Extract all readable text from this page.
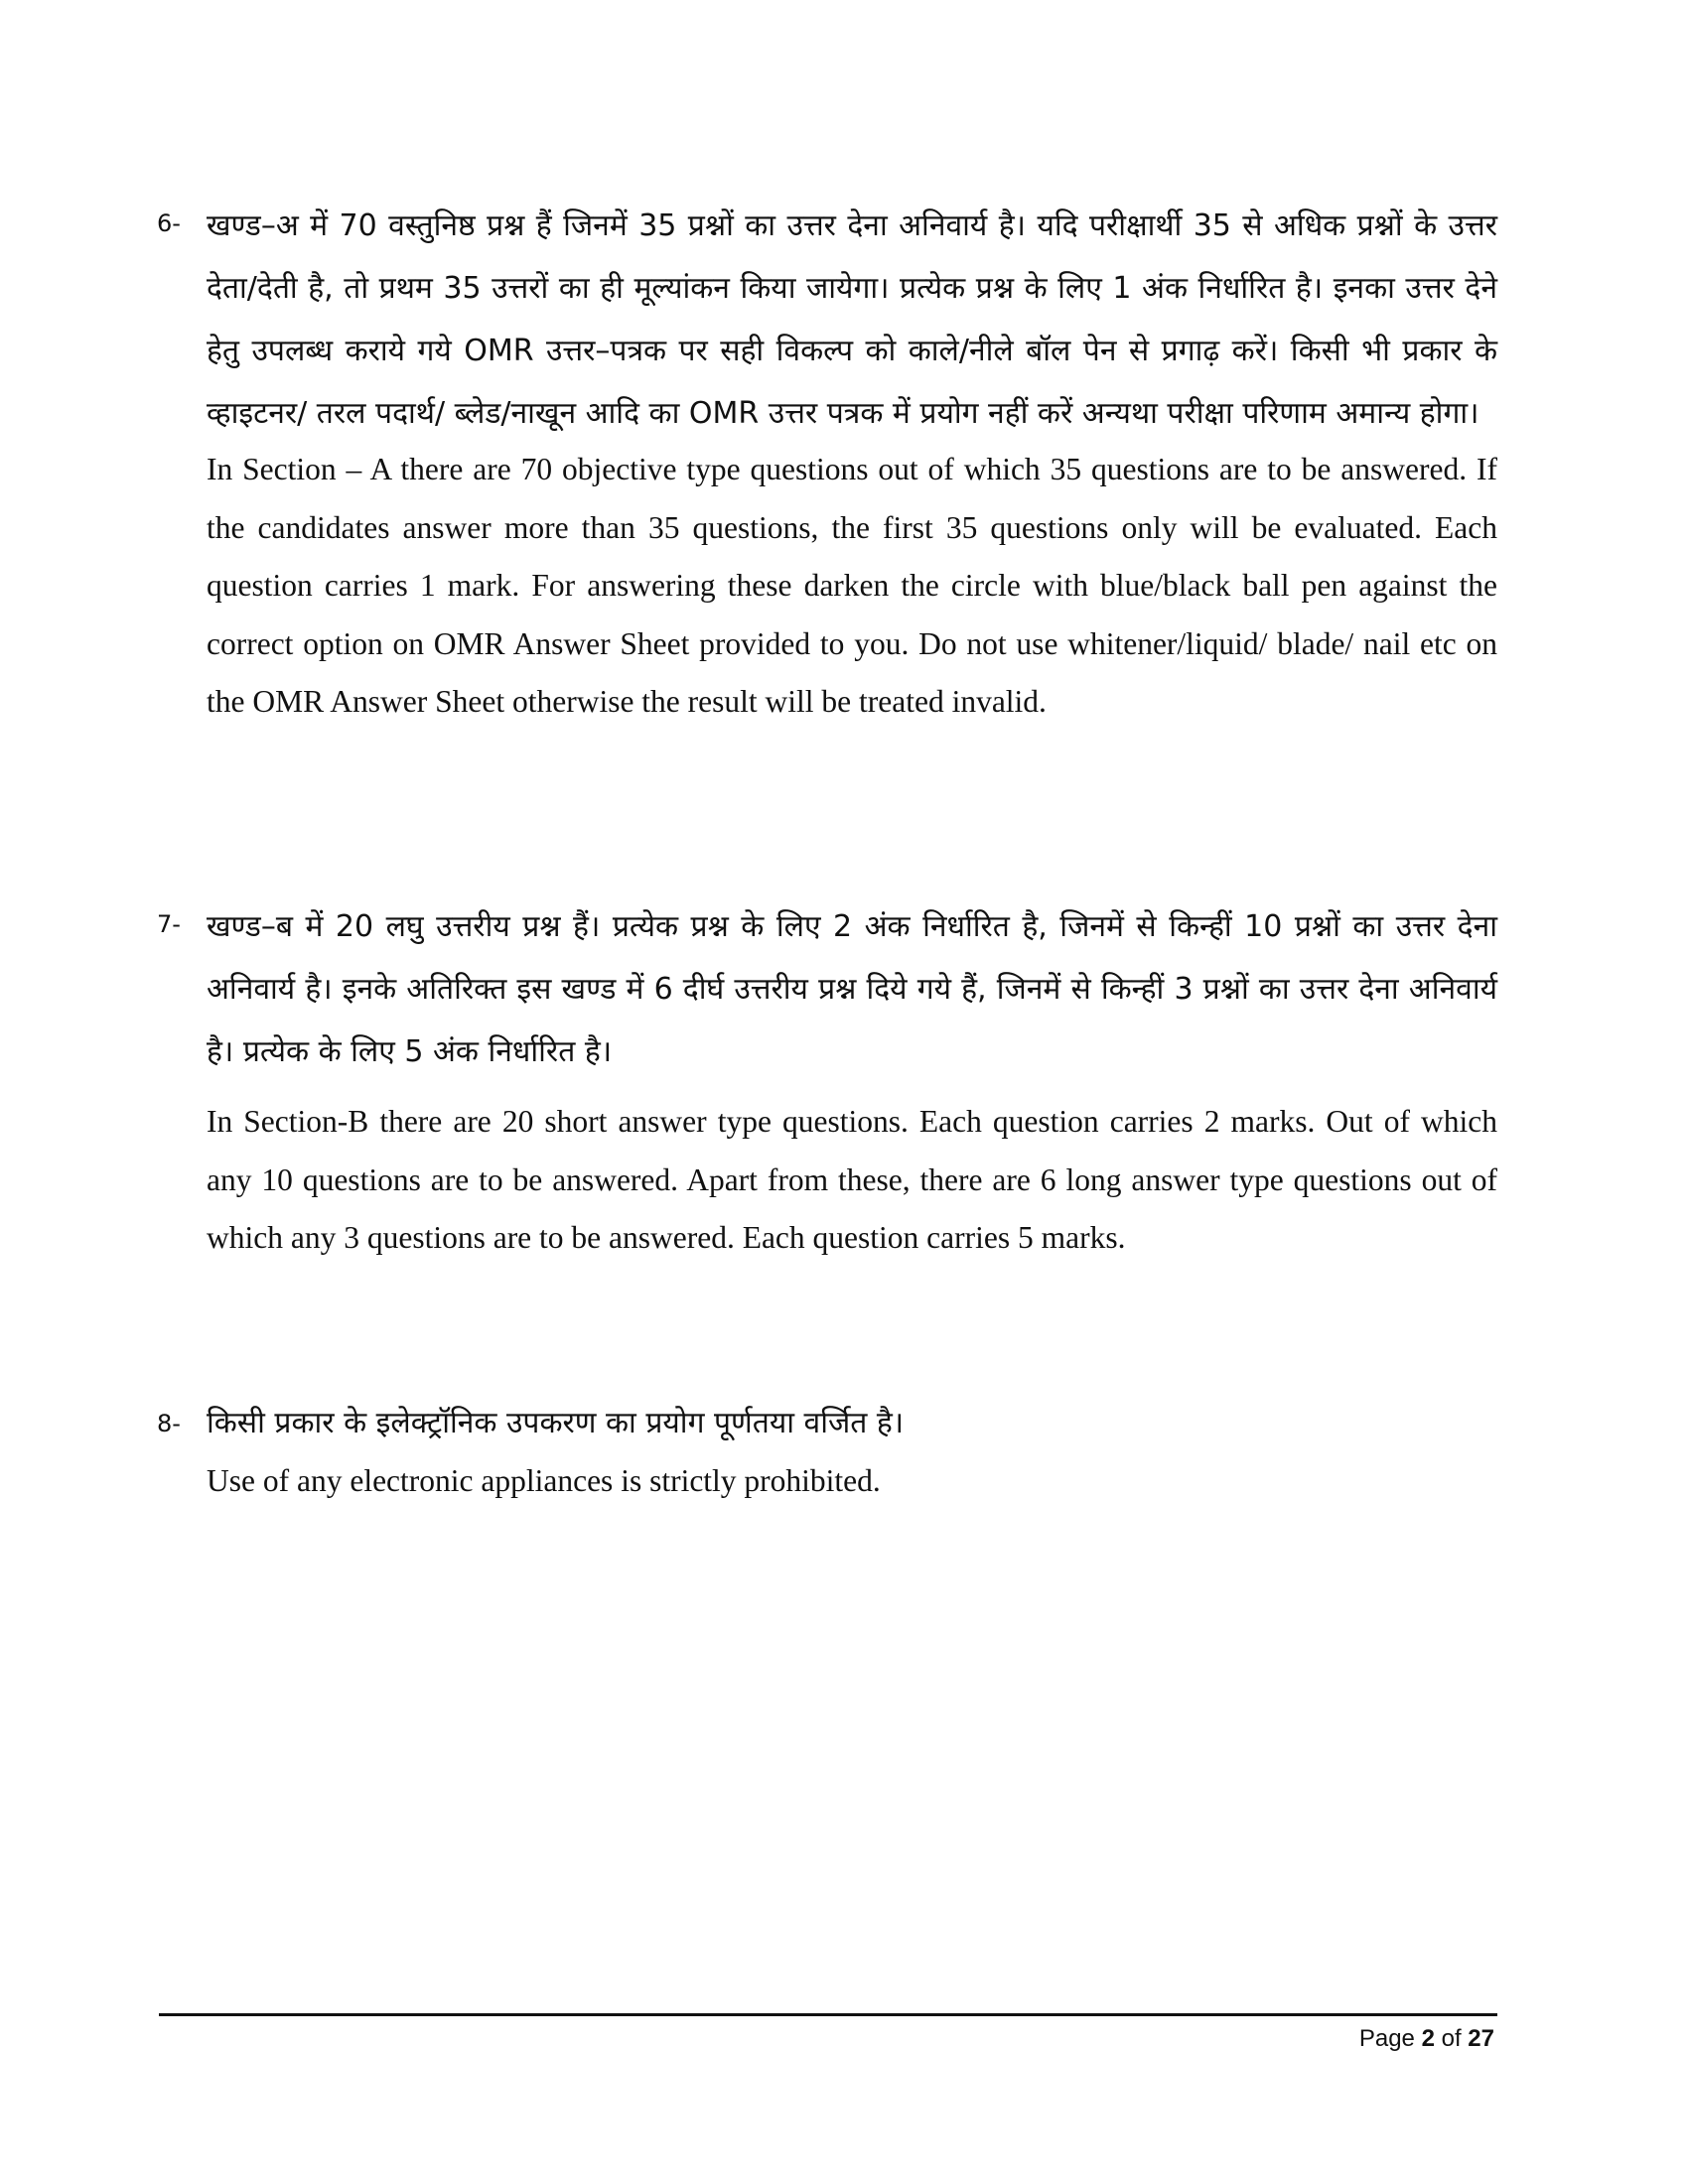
6- खण्ड–अ में 70 वस्तुनिष्ठ प्रश्न हैं जिनमें 35 प्रश्नों का उत्तर देना अनिवार्य है। यदि परीक्षार्थी 35 से अधिक प्रश्नों के उत्तर देता/देती है, तो प्रथम 35 उत्तरों का ही मूल्यांकन किया जायेगा। प्रत्येक प्रश्न के लिए 1 अंक निर्धारित है। इनका उत्तर देने हेतु उपलब्ध कराये गये OMR उत्तर–पत्रक पर सही विकल्प को काले/नीले बॉल पेन से प्रगाढ़ करें। किसी भी प्रकार के व्हाइटनर/ तरल पदार्थ/ ब्लेड/नाखून आदि का OMR उत्तर पत्रक में प्रयोग नहीं करें अन्यथा परीक्षा परिणाम अमान्य होगा।

In Section – A there are 70 objective type questions out of which 35 questions are to be answered. If the candidates answer more than 35 questions, the first 35 questions only will be evaluated. Each question carries 1 mark. For answering these darken the circle with blue/black ball pen against the correct option on OMR Answer Sheet provided to you. Do not use whitener/liquid/ blade/ nail etc on the OMR Answer Sheet otherwise the result will be treated invalid.

7- खण्ड–ब में 20 लघु उत्तरीय प्रश्न हैं। प्रत्येक प्रश्न के लिए 2 अंक निर्धारित है, जिनमें से किन्हीं 10 प्रश्नों का उत्तर देना अनिवार्य है। इनके अतिरिक्त इस खण्ड में 6 दीर्घ उत्तरीय प्रश्न दिये गये हैं, जिनमें से किन्हीं 3 प्रश्नों का उत्तर देना अनिवार्य है। प्रत्येक के लिए 5 अंक निर्धारित है।

In Section-B there are 20 short answer type questions. Each question carries 2 marks. Out of which any 10 questions are to be answered. Apart from these, there are 6 long answer type questions out of which any 3 questions are to be answered. Each question carries 5 marks.

8- किसी प्रकार के इलेक्ट्रॉनिक उपकरण का प्रयोग पूर्णतया वर्जित है।

Use of any electronic appliances is strictly prohibited.

Page 2 of 27
